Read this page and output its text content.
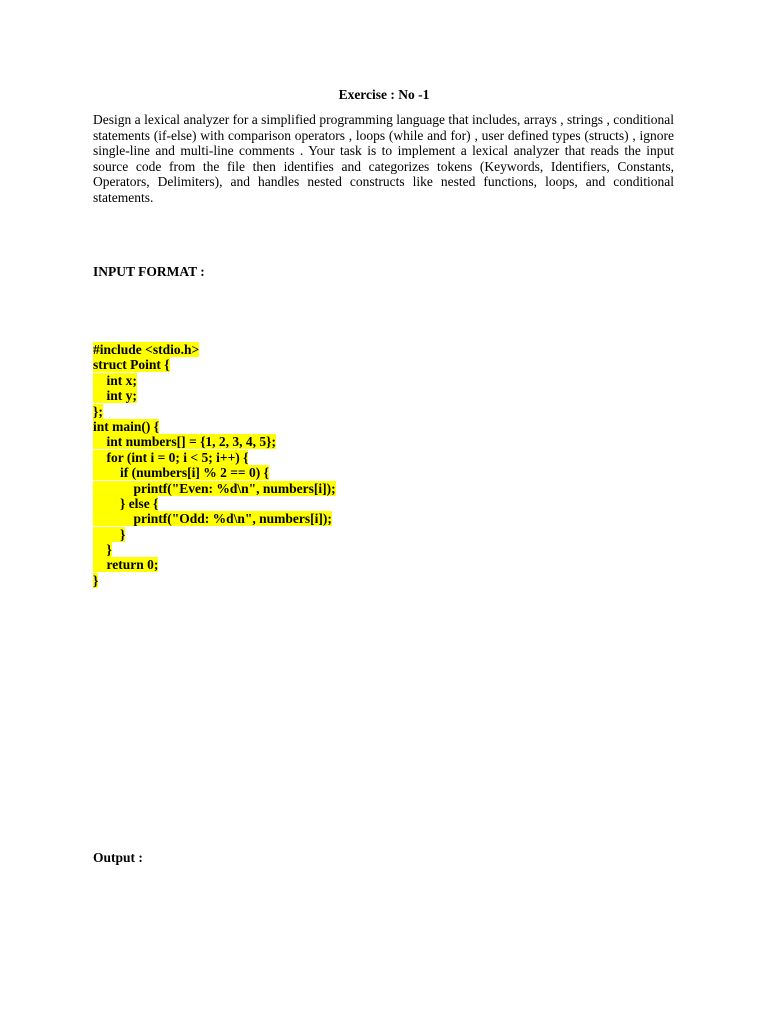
Exercise : No -1
Design a lexical analyzer for a simplified programming language that includes, arrays , strings , conditional statements (if-else) with comparison operators , loops (while and for) , user defined types (structs) , ignore single-line and multi-line comments . Your task is to implement a lexical analyzer that reads the input source code from the file then identifies and categorizes tokens (Keywords, Identifiers, Constants, Operators, Delimiters), and handles nested constructs like nested functions, loops, and conditional statements.
INPUT FORMAT :
#include <stdio.h>
struct Point {
int x;
int y;
};
int main() {
int numbers[] = {1, 2, 3, 4, 5};
for (int i = 0; i < 5; i++) {
if (numbers[i] % 2 == 0) {
printf("Even: %d\n", numbers[i]);
} else {
printf("Odd: %d\n", numbers[i]);
}
}
return 0;
}
Output :
